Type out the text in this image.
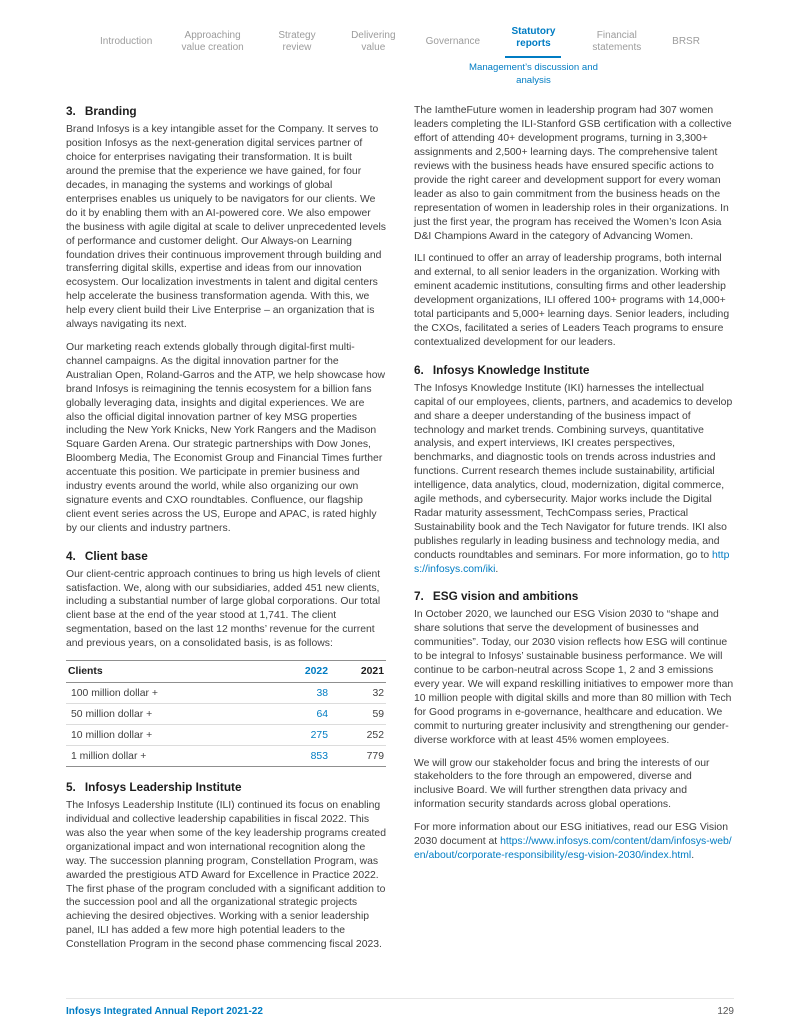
Introduction
Approaching value creation
Strategy review
Delivering value
Governance
Statutory reports
Management’s discussion and analysis
Financial statements
BRSR
3. Branding

Brand Infosys is a key intangible asset for the Company. It serves to position Infosys as the next-generation digital services partner of choice for enterprises navigating their transformation. It is built around the premise that the experience we have gained, for four decades, in managing the systems and workings of global enterprises enables us uniquely to be navigators for our clients. We do it by enabling them with an AI-powered core. We also empower the business with agile digital at scale to deliver unprecedented levels of performance and customer delight. Our Always-on Learning foundation drives their continuous improvement through building and transferring digital skills, expertise and ideas from our innovation ecosystem. Our localization investments in talent and digital centers help accelerate the business transformation agenda. With this, we help every client build their Live Enterprise – an organization that is always navigating its next.

Our marketing reach extends globally through digital-first multi-channel campaigns. As the digital innovation partner for the Australian Open, Roland-Garros and the ATP, we help showcase how brand Infosys is reimagining the tennis ecosystem for a billion fans globally leveraging data, insights and digital experiences. We are also the official digital innovation partner of key MSG properties including the New York Knicks, New York Rangers and the Madison Square Garden Arena. Our strategic partnerships with Dow Jones, Bloomberg Media, The Economist Group and Financial Times further accentuate this position. We participate in premier business and industry events around the world, while also organizing our own signature events and CXO roundtables. Confluence, our flagship client event series across the US, Europe and APAC, is rated highly by our clients and industry partners.

4. Client base

Our client-centric approach continues to bring us high levels of client satisfaction. We, along with our subsidiaries, added 451 new clients, including a substantial number of large global corporations. Our total client base at the end of the year stood at 1,741. The client segmentation, based on the last 12 months’ revenue for the current and previous years, on a consolidated basis, is as follows:

Clients	2022	2021
100 million dollar +	38	32
50 million dollar +	64	59
10 million dollar +	275	252
1 million dollar +	853	779
5. Infosys Leadership Institute

The Infosys Leadership Institute (ILI) continued its focus on enabling individual and collective leadership capabilities in fiscal 2022. This was also the year when some of the key leadership programs created organizational impact and won international recognition along the way. The succession planning program, Constellation Program, was awarded the prestigious ATD Award for Excellence in Practice 2022. The first phase of the program concluded with a significant addition to the succession pool and all the organizational strategic projects achieving the desired objectives. Working with a senior leadership panel, ILI has added a few more high potential leaders to the Constellation Program in the second phase commencing fiscal 2023.

The IamtheFuture women in leadership program had 307 women leaders completing the ILI-Stanford GSB certification with a collective effort of attending 40+ development programs, turning in 3,300+ assignments and 2,500+ learning days. The comprehensive talent reviews with the business heads have ensured specific actions to provide the right career and development support for every woman leader as also to gain commitment from the business heads on the representation of women in leadership roles in their organizations. In just the first year, the program has received the Women’s Icon Asia D&I Champions Award in the category of Advancing Women.

ILI continued to offer an array of leadership programs, both internal and external, to all senior leaders in the organization. Working with eminent academic institutions, consulting firms and other leadership development organizations, ILI offered 100+ programs with 14,000+ total participants and 5,000+ learning days. Senior leaders, including the CXOs, facilitated a series of Leaders Teach programs to ensure contextualized development for our leaders.

6. Infosys Knowledge Institute

The Infosys Knowledge Institute (IKI) harnesses the intellectual capital of our employees, clients, partners, and academics to develop and share a deeper understanding of the business impact of technology and market trends. Combining surveys, quantitative analysis, and expert interviews, IKI creates perspectives, benchmarks, and diagnostic tools on trends across industries and functions. Current research themes include sustainability, artificial intelligence, data analytics, cloud, modernization, digital commerce, agile methods, and cybersecurity. Major works include the Digital Radar maturity assessment, TechCompass series, Practical Sustainability book and the Tech Navigator for future trends. IKI also publishes regularly in leading business and technology media, and conducts roundtables and seminars. For more information, go to https://infosys.com/iki.

7. ESG vision and ambitions

In October 2020, we launched our ESG Vision 2030 to “shape and share solutions that serve the development of businesses and communities”. Today, our 2030 vision reflects how ESG will continue to be integral to Infosys’ sustainable business performance. We will continue to be carbon-neutral across Scope 1, 2 and 3 emissions every year. We will expand reskilling initiatives to empower more than 10 million people with digital skills and more than 80 million with Tech for Good programs in e-governance, healthcare and education. We commit to nurturing greater inclusivity and strengthening our gender-diverse workforce with at least 45% women employees.

We will grow our stakeholder focus and bring the interests of our stakeholders to the fore through an empowered, diverse and inclusive Board. We will further strengthen data privacy and information security standards across global operations.

For more information about our ESG initiatives, read our ESG Vision 2030 document at https://www.infosys.com/content/dam/infosys-web/en/about/corporate-responsibility/esg-vision-2030/index.html.

Infosys Integrated Annual Report 2021-22	129
